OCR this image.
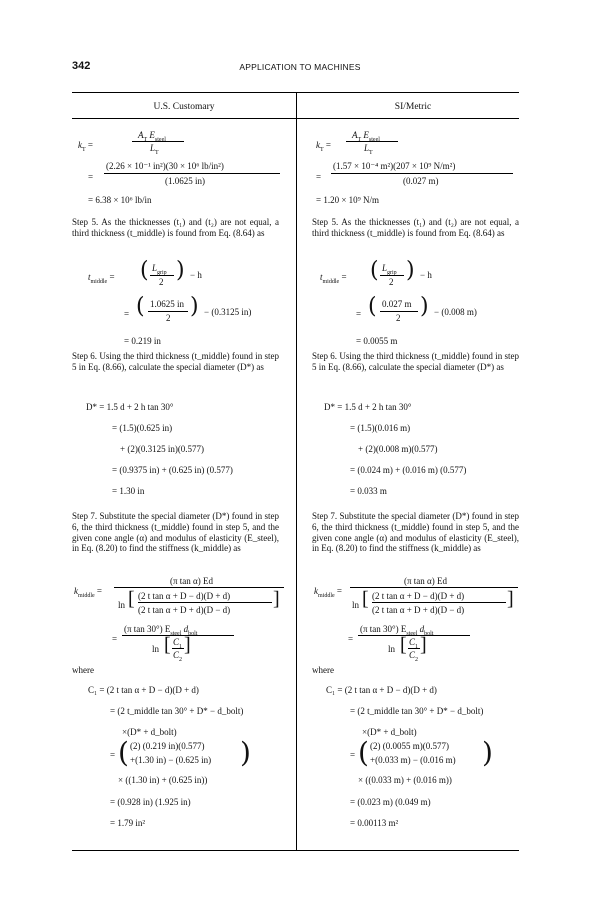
342	APPLICATION TO MACHINES
U.S. Customary	SI/Metric
$k_T$ =
$A_T$ $E_{steel}$
$L_T$
=
(2.26 × 10⁻¹ in²)(30 × 10⁶ lb/in²)
(1.0625 in)
= 6.38 × 10⁶ lb/in
Step 5. As the thicknesses (t₁) and (t₂) are not equal, a third thickness (t_middle) is found from Eq. (8.64) as
$t_{middle}$ = ( $L_{grip}$
2 ) − h
= ( 1.0625 in
2 ) − (0.3125 in)
= 0.219 in
Step 6. Using the third thickness (t_middle) found in step 5 in Eq. (8.66), calculate the special diameter (D*) as
D* = 1.5 d + 2 h tan 30°
= (1.5)(0.625 in)
+ (2)(0.3125 in)(0.577)
= (0.9375 in) + (0.625 in) (0.577)
= 1.30 in
Step 7. Substitute the special diameter (D*) found in step 6, the third thickness (t_middle) found in step 5, and the given cone angle (α) and modulus of elasticity (E_steel), in Eq. (8.20) to find the stiffness (k_middle) as
$k_{middle}$ =
(π tan α) Ed
ln [ (2 t tan α + D − d)(D + d)
(2 t tan α + D + d)(D − d) ]
=
(π tan 30°) $E_{steel}$ $d_{bolt}$
ln [ $C_1$
$C_2$
]
where
C₁ = (2 t tan α + D − d)(D + d)
= (2 t_middle tan 30° + D* − d_bolt)
×(D* + d_bolt)
= ( (2) (0.219 in)(0.577)
+(1.30 in) − (0.625 in) )
× ((1.30 in) + (0.625 in))
= (0.928 in) (1.925 in)
= 1.79 in²
$k_T$ =
$A_T$ $E_{steel}$
$L_T$
=
(1.57 × 10⁻⁴ m²)(207 × 10⁹ N/m²)
(0.027 m)
= 1.20 × 10⁹ N/m
Step 5. As the thicknesses (t₁) and (t₂) are not equal, a third thickness (t_middle) is found from Eq. (8.64) as
$t_{middle}$ = ( $L_{grip}$
2 ) − h
= ( 0.027 m
2 ) − (0.008 m)
= 0.0055 m
Step 6. Using the third thickness (t_middle) found in step 5 in Eq. (8.66), calculate the special diameter (D*) as
D* = 1.5 d + 2 h tan 30°
= (1.5)(0.016 m)
+ (2)(0.008 m)(0.577)
= (0.024 m) + (0.016 m) (0.577)
= 0.033 m
Step 7. Substitute the special diameter (D*) found in step 6, the third thickness (t_middle) found in step 5, and the given cone angle (α) and modulus of elasticity (E_steel), in Eq. (8.20) to find the stiffness (k_middle) as
$k_{middle}$ =
(π tan α) Ed
ln [ (2 t tan α + D − d)(D + d)
(2 t tan α + D + d)(D − d) ]
=
(π tan 30°) $E_{steel}$ $d_{bolt}$
ln [ $C_1$
$C_2$
]
where
C₁ = (2 t tan α + D − d)(D + d)
= (2 t_middle tan 30° + D* − d_bolt)
×(D* + d_bolt)
= ( (2) (0.0055 m)(0.577)
+(0.033 m) − (0.016 m) )
× ((0.033 m) + (0.016 m))
= (0.023 m) (0.049 m)
= 0.00113 m²
